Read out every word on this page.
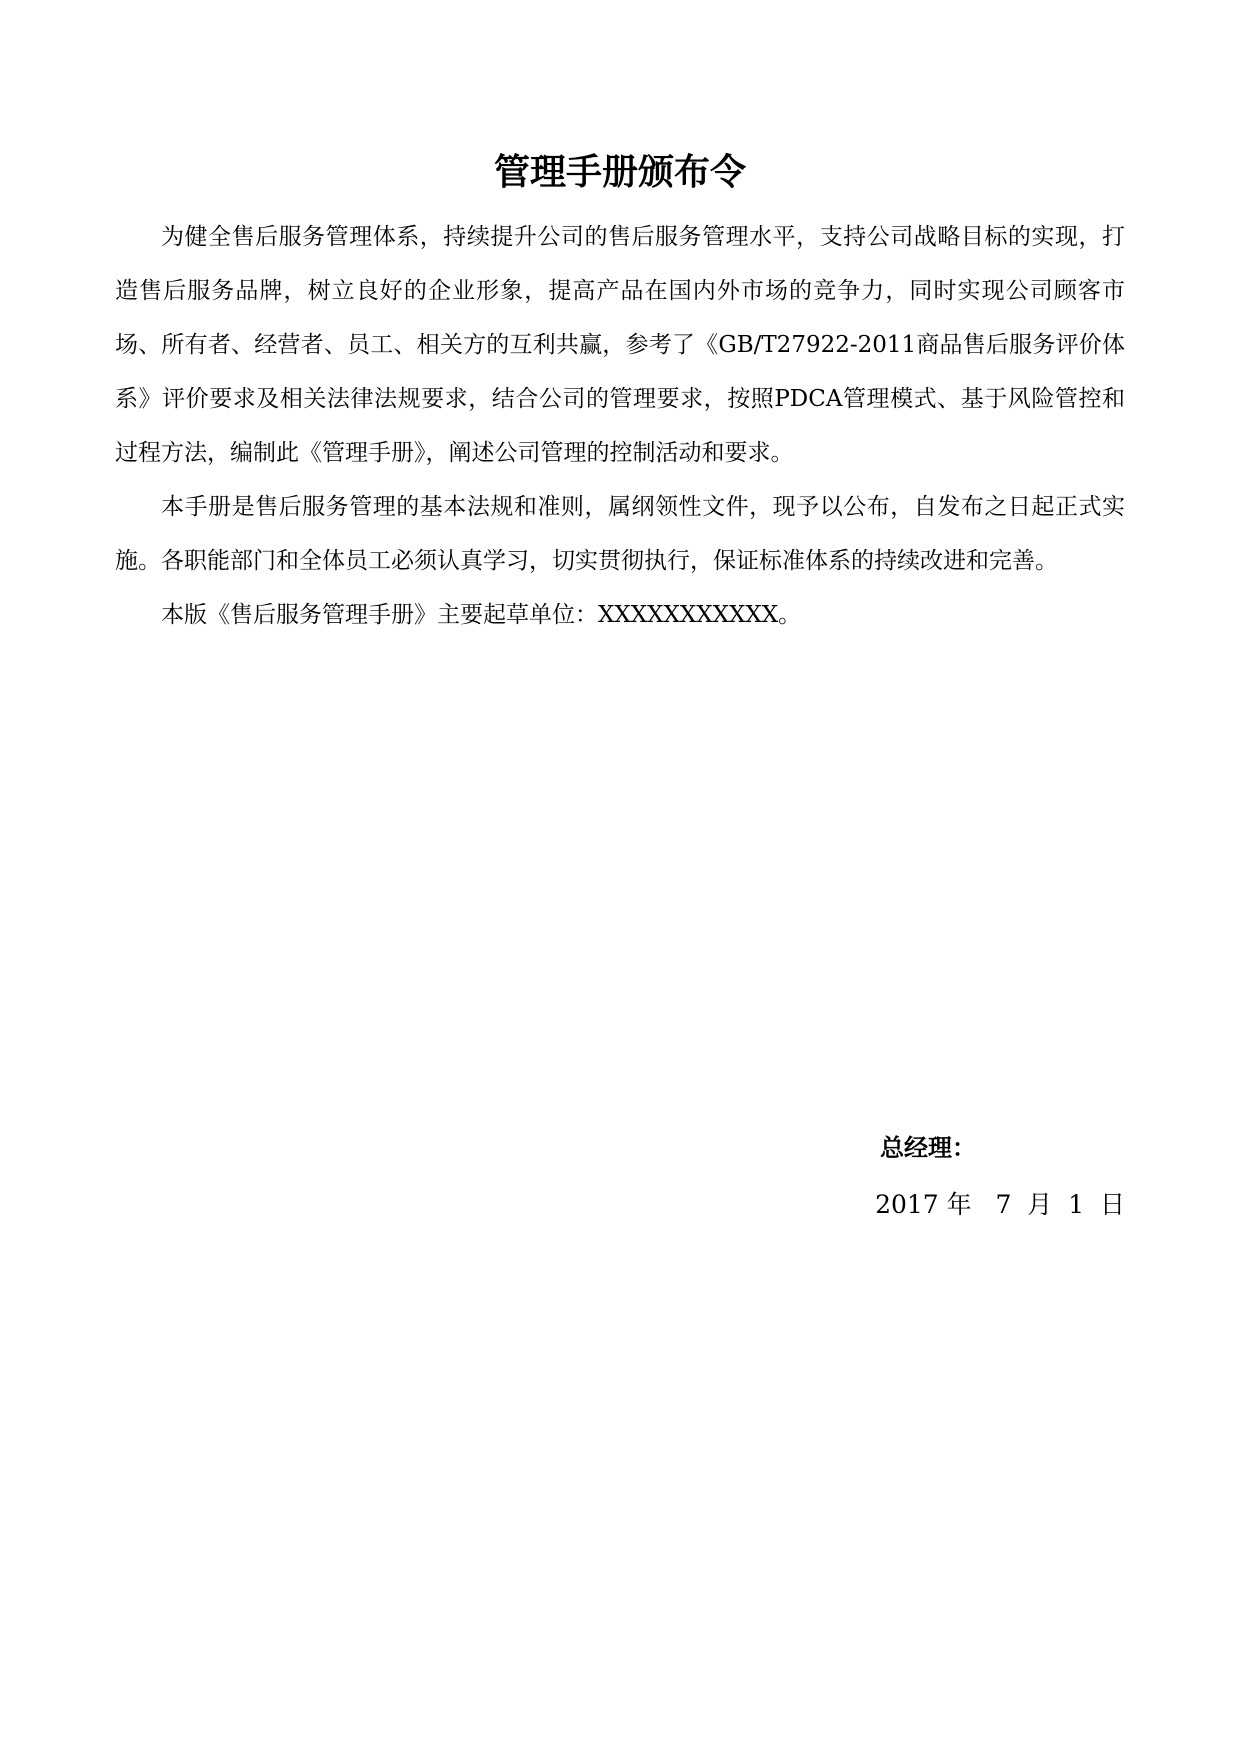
管理手册颁布令

为健全售后服务管理体系，持续提升公司的售后服务管理水平，支持公司战略目标的实现，打造售后服务品牌，树立良好的企业形象，提高产品在国内外市场的竞争力，同时实现公司顾客市场、所有者、经营者、员工、相关方的互利共赢，参考了《GB/T27922-2011商品售后服务评价体系》评价要求及相关法律法规要求，结合公司的管理要求，按照PDCA管理模式、基于风险管控和过程方法，编制此《管理手册》，阐述公司管理的控制活动和要求。

本手册是售后服务管理的基本法规和准则，属纲领性文件，现予以公布，自发布之日起正式实施。各职能部门和全体员工必须认真学习，切实贯彻执行，保证标准体系的持续改进和完善。

本版《售后服务管理手册》主要起草单位：XXXXXXXXXXX。

总经理：
2017 年   7  月  1  日
